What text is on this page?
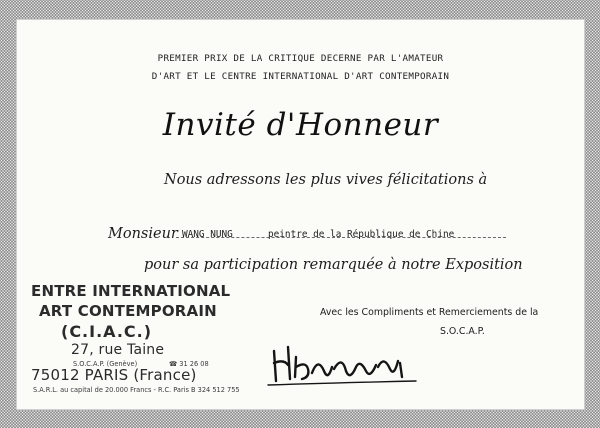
PREMIER PRIX DE LA CRITIQUE DECERNE PAR L'AMATEUR
D'ART ET LE CENTRE INTERNATIONAL D'ART CONTEMPORAIN
Invité d'Honneur
Nous adressons les plus vives félicitations à
Monsieur WANG NUNG	peintre de la République de Chine
pour sa participation remarquée à notre Exposition
Avec les Compliments et Remerciements de la
S.O.C.A.P.
ENTRE INTERNATIONAL
ART CONTEMPORAIN
(C.I.A.C.)
27, rue Taine
S.O.C.A.P. (Genève)	☎ 31 26 08
75012 PARIS (France)
S.A.R.L. au capital de 20.000 Francs - R.C. Paris B 324 512 755
